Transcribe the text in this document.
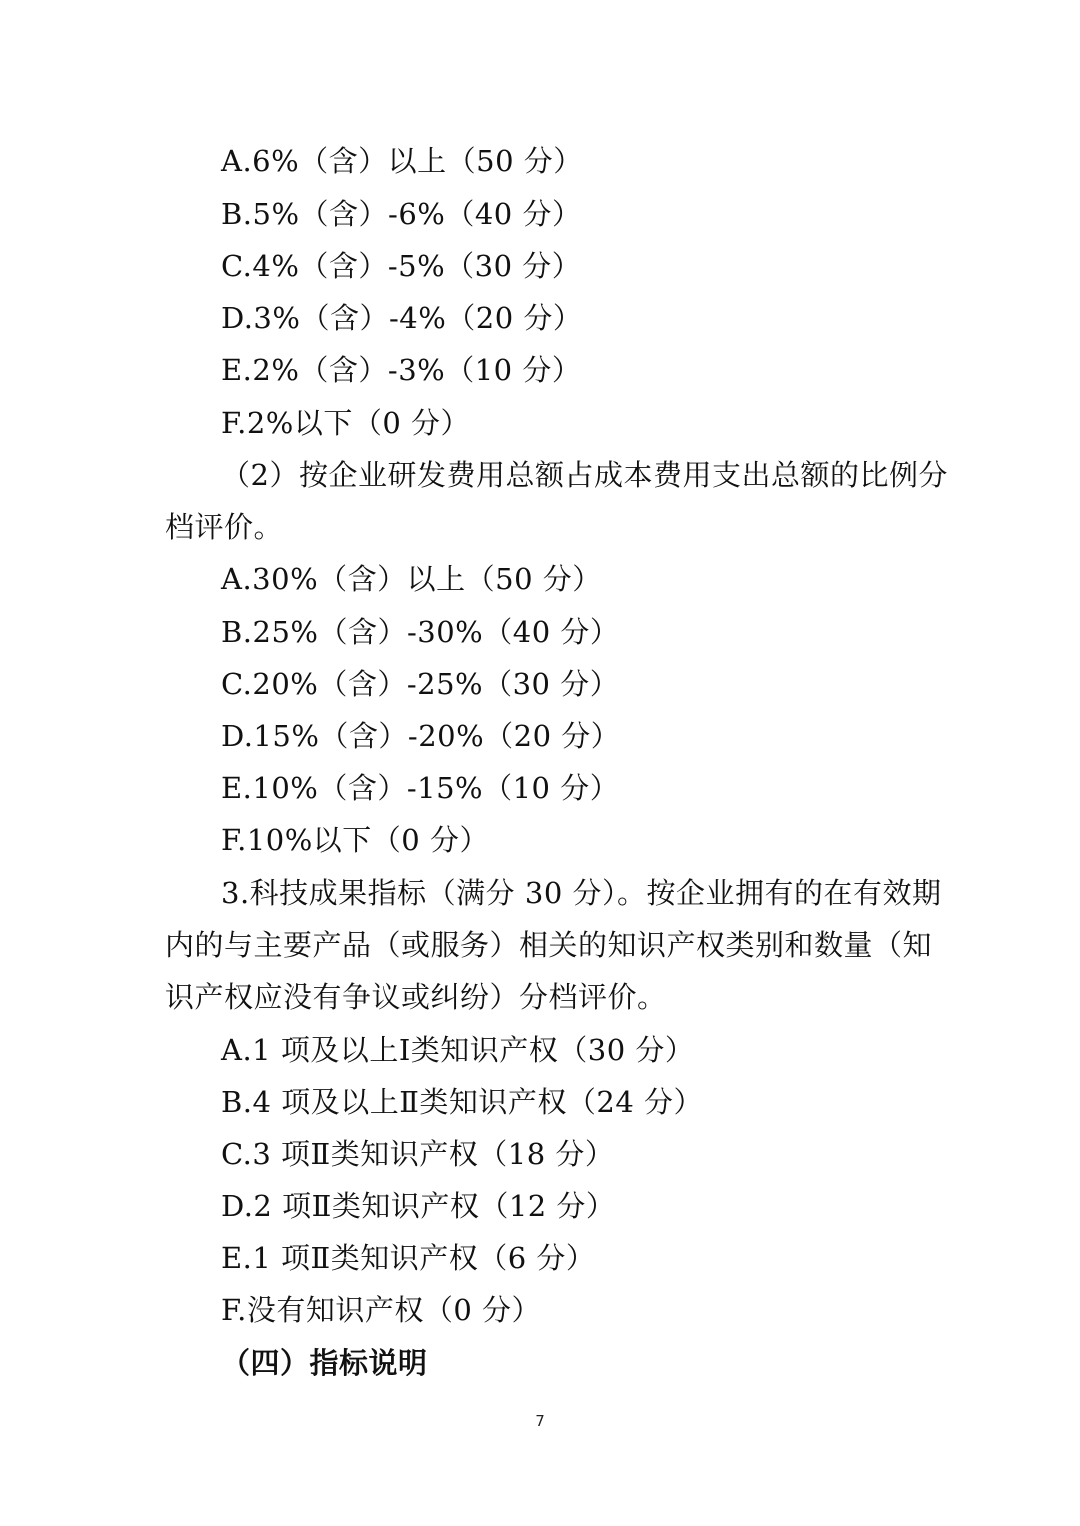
A.6%（含）以上（50 分）
B.5%（含）-6%（40 分）
C.4%（含）-5%（30 分）
D.3%（含）-4%（20 分）
E.2%（含）-3%（10 分）
F.2%以下（0 分）
（2）按企业研发费用总额占成本费用支出总额的比例分
档评价。
A.30%（含）以上（50 分）
B.25%（含）-30%（40 分）
C.20%（含）-25%（30 分）
D.15%（含）-20%（20 分）
E.10%（含）-15%（10 分）
F.10%以下（0 分）
3.科技成果指标（满分 30 分）。按企业拥有的在有效期
内的与主要产品（或服务）相关的知识产权类别和数量（知
识产权应没有争议或纠纷）分档评价。
A.1 项及以上Ⅰ类知识产权（30 分）
B.4 项及以上Ⅱ类知识产权（24 分）
C.3 项Ⅱ类知识产权（18 分）
D.2 项Ⅱ类知识产权（12 分）
E.1 项Ⅱ类知识产权（6 分）
F.没有知识产权（0 分）
（四）指标说明
7
